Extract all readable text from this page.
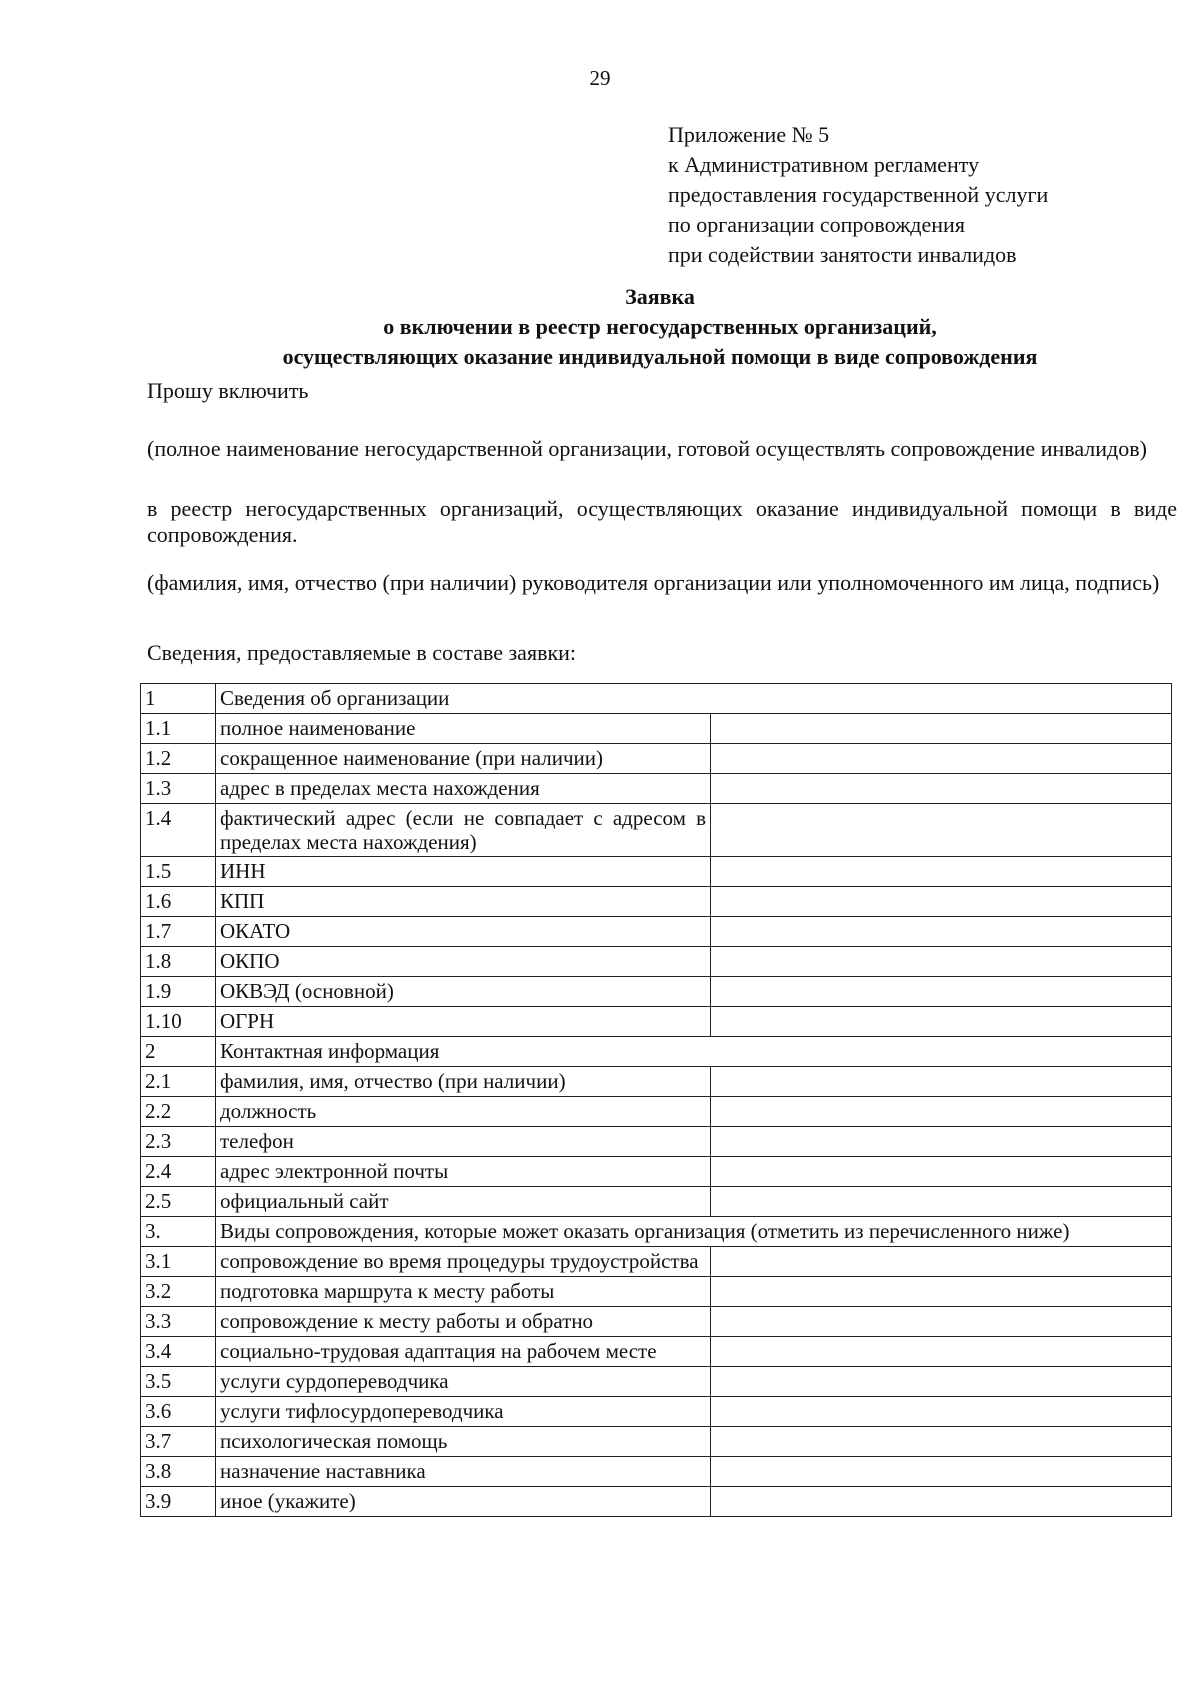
29
Приложение № 5
к Административном регламенту
предоставления государственной услуги
по организации сопровождения
при содействии занятости инвалидов
Заявка
о включении в реестр негосударственных организаций,
осуществляющих оказание индивидуальной помощи в виде сопровождения
Прошу включить
(полное наименование негосударственной организации, готовой осуществлять сопровождение инвалидов)
в реестр негосударственных организаций, осуществляющих оказание индивидуальной помощи в виде сопровождения.
(фамилия, имя, отчество (при наличии) руководителя организации или уполномоченного им лица, подпись)
Сведения, предоставляемые в составе заявки:
1	Сведения об организации	
1.1	полное наименование	
1.2	сокращенное наименование (при наличии)	
1.3	адрес в пределах места нахождения	
1.4	фактический адрес (если не совпадает с адресом в пределах места нахождения)	
1.5	ИНН	
1.6	КПП	
1.7	ОКАТО	
1.8	ОКПО	
1.9	ОКВЭД (основной)	
1.10	ОГРН	
2	Контактная информация	
2.1	фамилия, имя, отчество (при наличии)	
2.2	должность	
2.3	телефон	
2.4	адрес электронной почты	
2.5	официальный сайт	
3.	Виды сопровождения, которые может оказать организация (отметить из перечисленного ниже)	
3.1	сопровождение во время процедуры трудоустройства	
3.2	подготовка маршрута к месту работы	
3.3	сопровождение к месту работы и обратно	
3.4	социально-трудовая адаптация на рабочем месте	
3.5	услуги сурдопереводчика	
3.6	услуги тифлосурдопереводчика	
3.7	психологическая помощь	
3.8	назначение наставника	
3.9	иное (укажите)	
